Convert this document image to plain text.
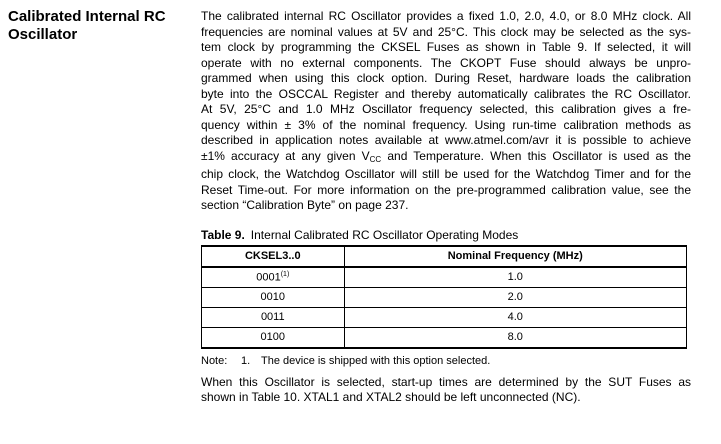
Calibrated Internal RC
Oscillator

The calibrated internal RC Oscillator provides a fixed 1.0, 2.0, 4.0, or 8.0 MHz clock. All
frequencies are nominal values at 5V and 25°C. This clock may be selected as the sys-
tem clock by programming the CKSEL Fuses as shown in Table 9. If selected, it will
operate with no external components. The CKOPT Fuse should always be unpro-
grammed when using this clock option. During Reset, hardware loads the calibration
byte into the OSCCAL Register and thereby automatically calibrates the RC Oscillator.
At 5V, 25°C and 1.0 MHz Oscillator frequency selected, this calibration gives a fre-
quency within ± 3% of the nominal frequency. Using run-time calibration methods as
described in application notes available at www.atmel.com/avr it is possible to achieve
±1% accuracy at any given $V_{CC}$ and Temperature. When this Oscillator is used as the
chip clock, the Watchdog Oscillator will still be used for the Watchdog Timer and for the
Reset Time-out. For more information on the pre-programmed calibration value, see the
section “Calibration Byte” on page 237.

Table 9. Internal Calibrated RC Oscillator Operating Modes
CKSEL3..0	Nominal Frequency (MHz)
0001$^{(1)}$	1.0
0010	2.0
0011	4.0
0100	8.0
Note:	1. The device is shipped with this option selected.

When this Oscillator is selected, start-up times are determined by the SUT Fuses as
shown in Table 10. XTAL1 and XTAL2 should be left unconnected (NC).
